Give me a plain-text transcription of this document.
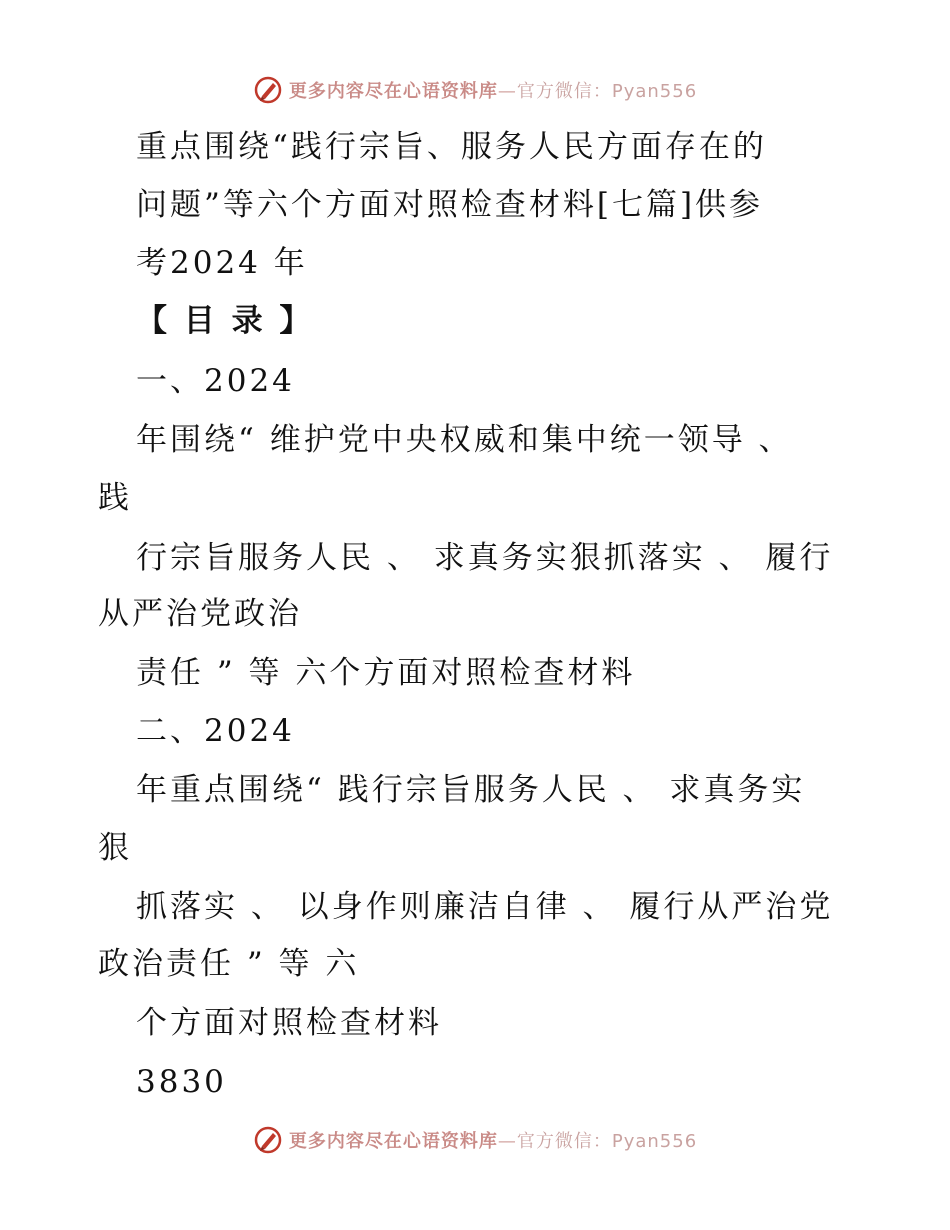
更多内容尽在心语资料库—官方微信：Pyan556
重点围绕“践行宗旨、服务人民方面存在的
问题”等六个方面对照检查材料[七篇]供参
考2024 年
【 目 录 】
一、2024
年围绕“ 维护党中央权威和集中统一领导 、
践
行宗旨服务人民 、 求真务实狠抓落实 、 履行
从严治党政治
责任 ” 等 六个方面对照检查材料
二、2024
年重点围绕“ 践行宗旨服务人民 、 求真务实
狠
抓落实 、 以身作则廉洁自律 、 履行从严治党
政治责任 ” 等 六
个方面对照检查材料
3830
更多内容尽在心语资料库—官方微信：Pyan556
